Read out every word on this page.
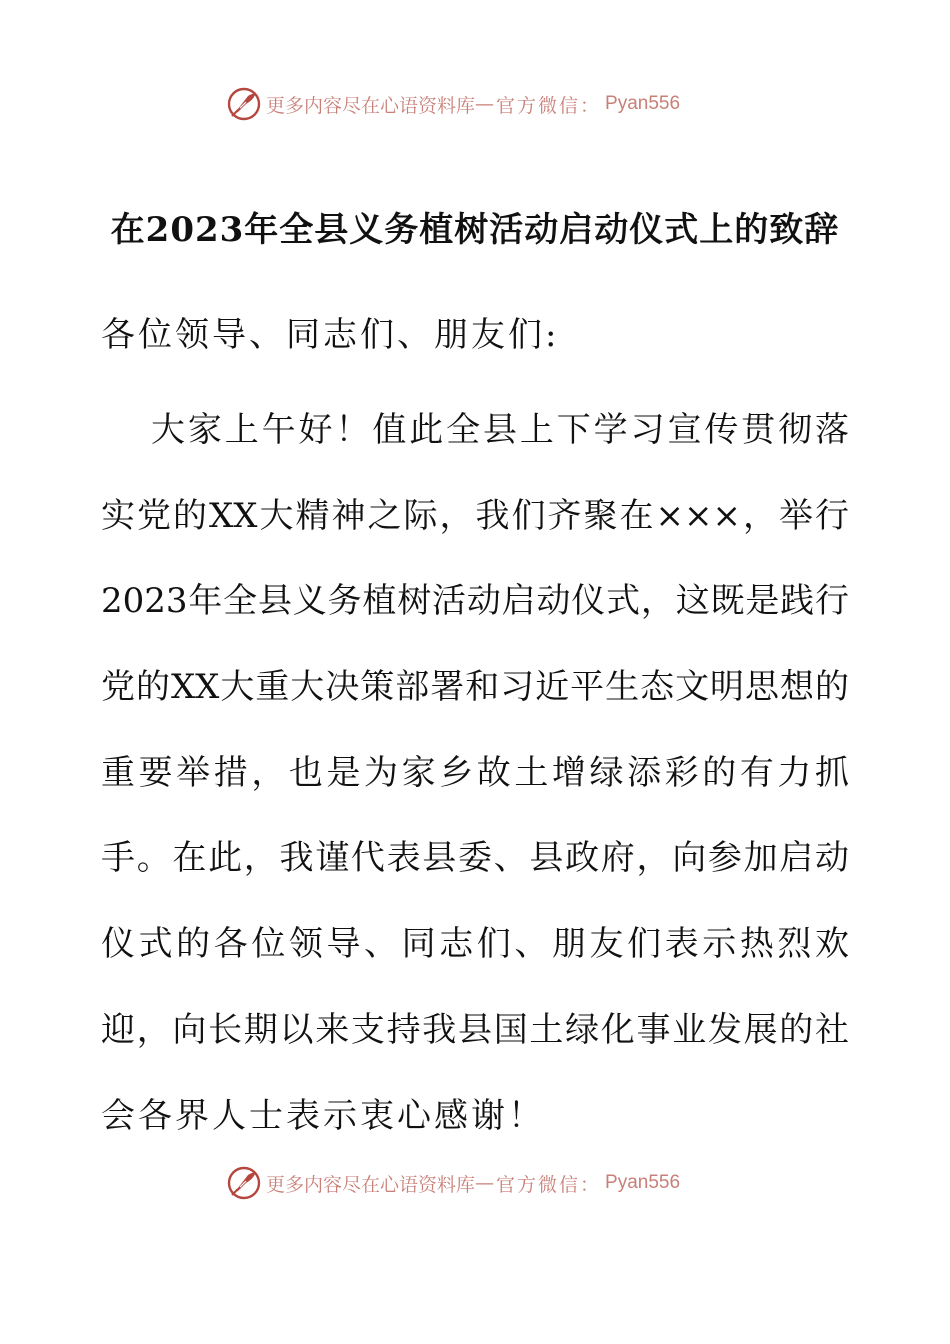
更多内容尽在心语资料库 — 官方微信： Pyan556
在2023年全县义务植树活动启动仪式上的致辞
各位领导、同志们、朋友们:
大家上午好！值此全县上下学习宣传贯彻落
实党的XX大精神之际，我们齐聚在×××，举行
2023年全县义务植树活动启动仪式，这既是践行
党的XX大重大决策部署和习近平生态文明思想的
重要举措，也是为家乡故土增绿添彩的有力抓
手。在此，我谨代表县委、县政府，向参加启动
仪式的各位领导、同志们、朋友们表示热烈欢
迎，向长期以来支持我县国土绿化事业发展的社
会各界人士表示衷心感谢！
更多内容尽在心语资料库 — 官方微信： Pyan556
